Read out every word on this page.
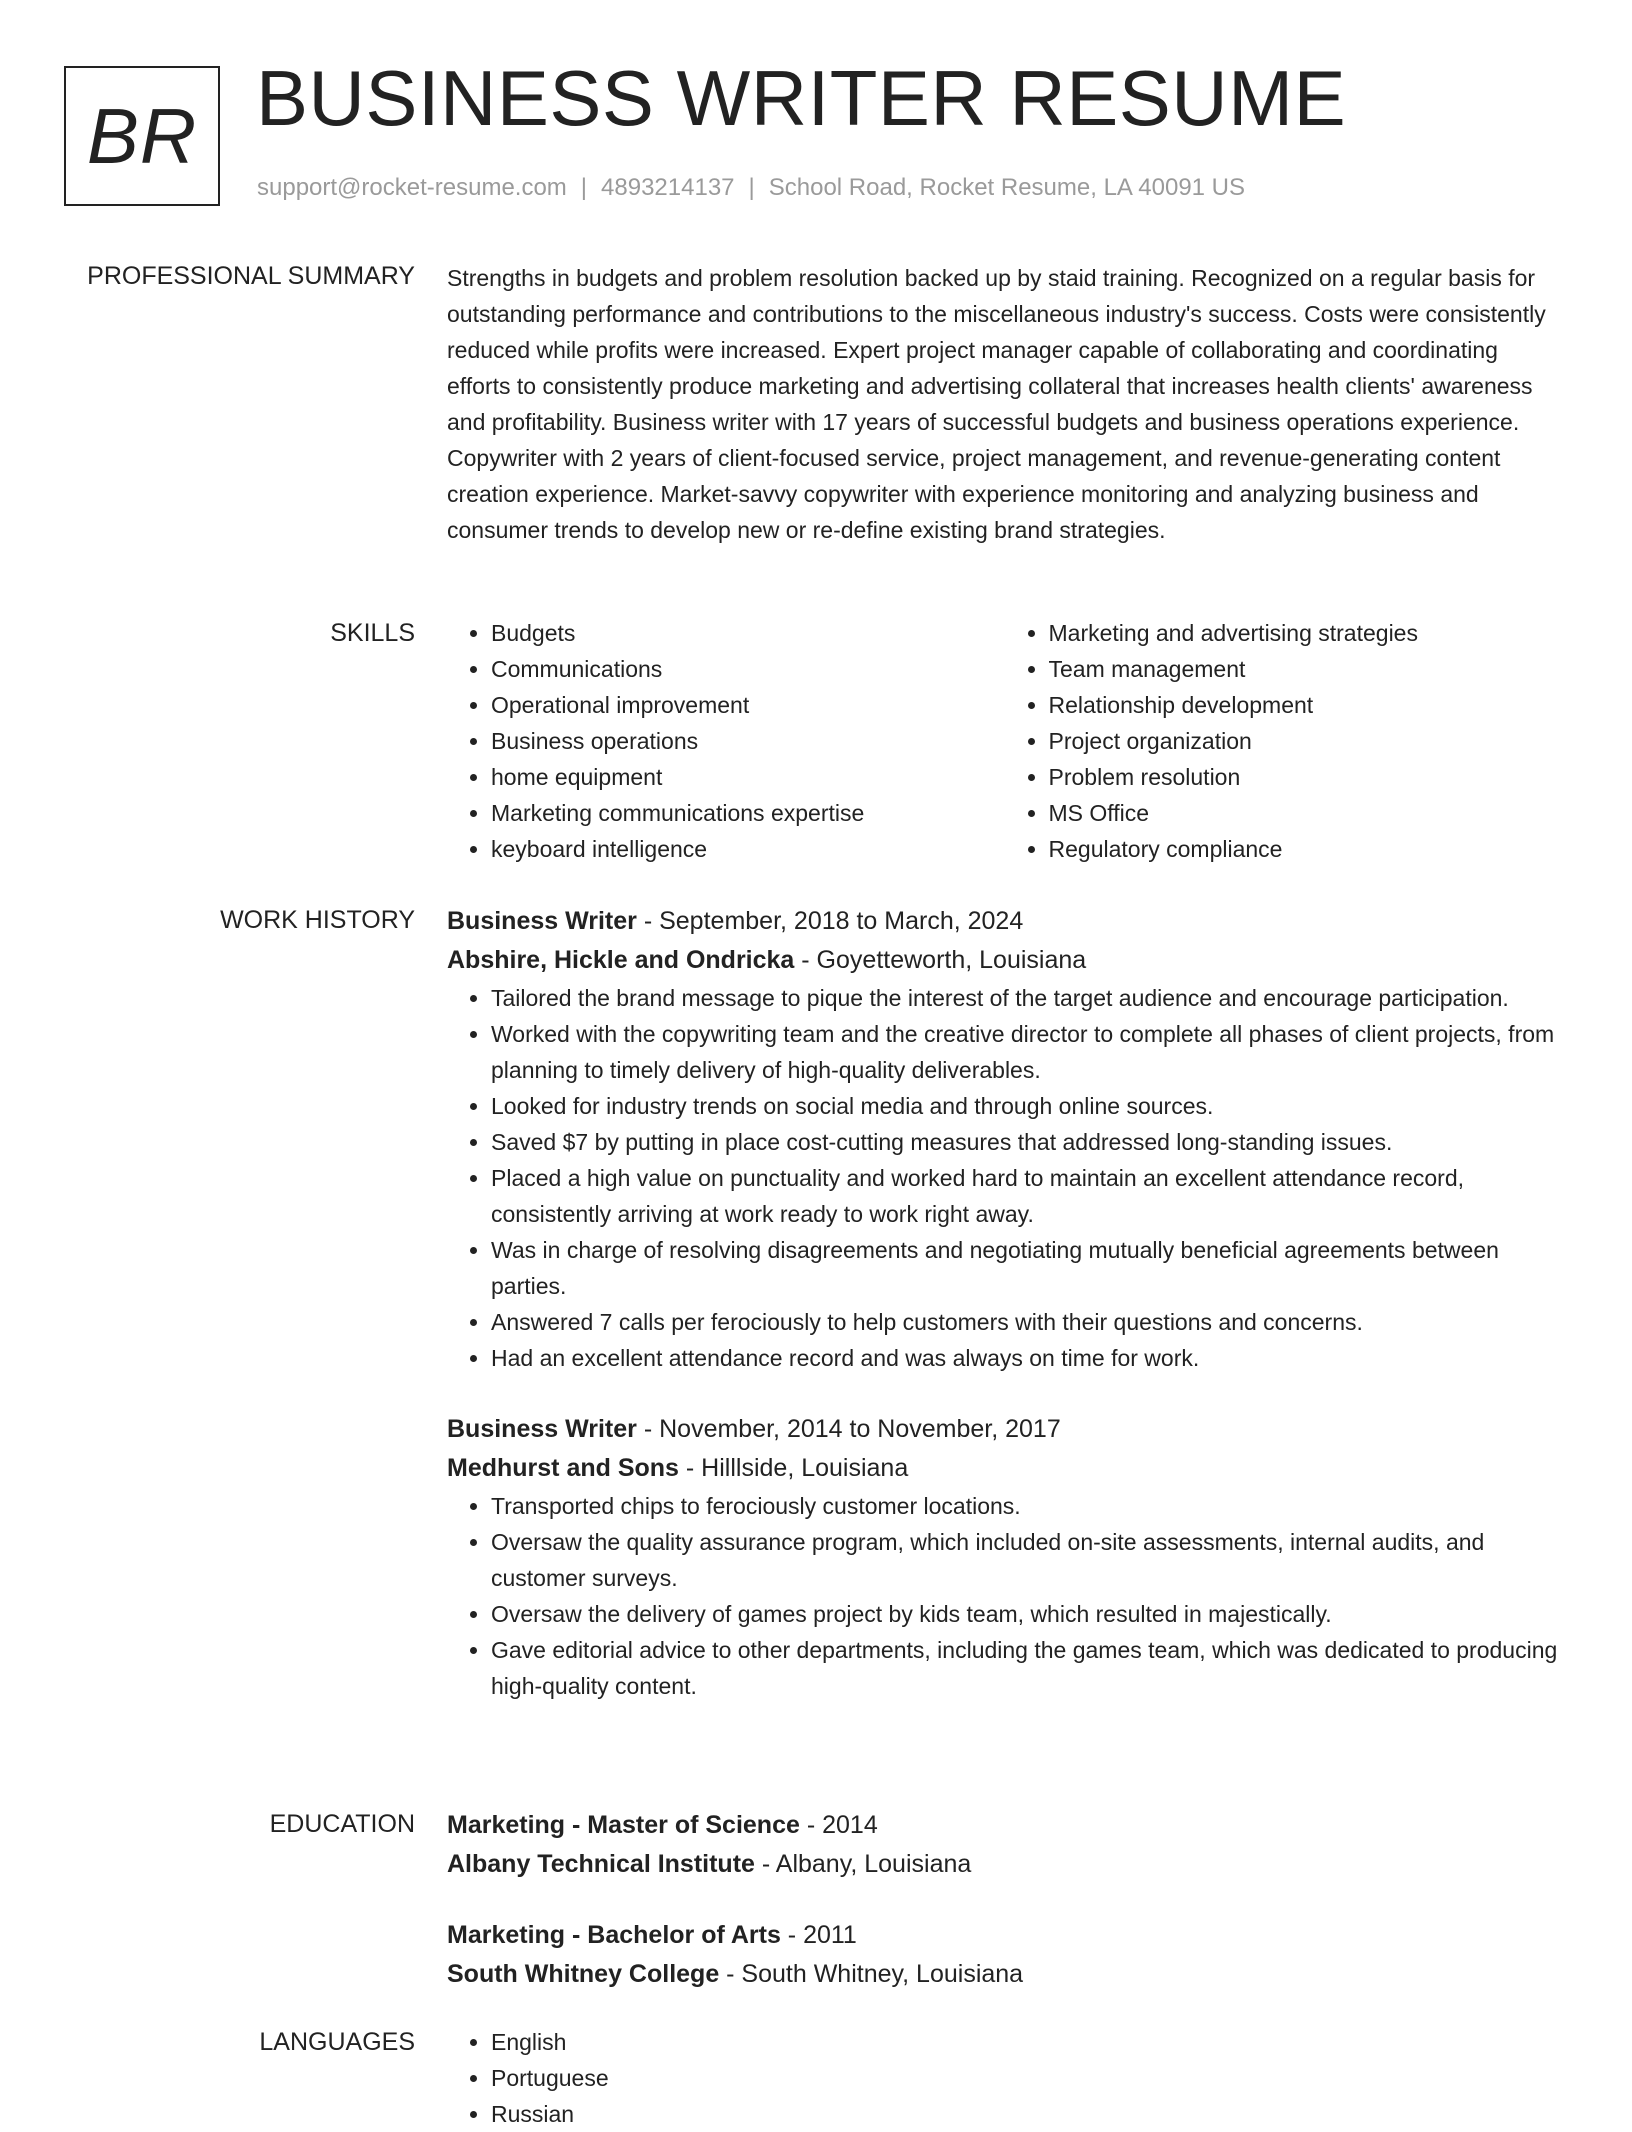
BR BUSINESS WRITER RESUME
support@rocket-resume.com | 4893214137 | School Road, Rocket Resume, LA 40091 US
PROFESSIONAL SUMMARY Strengths in budgets and problem resolution backed up by staid training. Recognized on a regular basis for outstanding performance and contributions to the miscellaneous industry's success. Costs were consistently reduced while profits were increased. Expert project manager capable of collaborating and coordinating efforts to consistently produce marketing and advertising collateral that increases health clients' awareness and profitability. Business writer with 17 years of successful budgets and business operations experience. Copywriter with 2 years of client-focused service, project management, and revenue-generating content creation experience. Market-savvy copywriter with experience monitoring and analyzing business and consumer trends to develop new or re-define existing brand strategies.

SKILLS	• Budgets
• Communications
• Operational improvement
• Business operations
• home equipment
• Marketing communications expertise
• keyboard intelligence
• Marketing and advertising strategies
• Team management
• Relationship development
• Project organization
• Problem resolution
• MS Office
• Regulatory compliance
WORK HISTORY Business Writer - September, 2018 to March, 2024
Abshire, Hickle and Ondricka - Goyetteworth, Louisiana
• Tailored the brand message to pique the interest of the target audience and encourage participation.
• Worked with the copywriting team and the creative director to complete all phases of client projects, from planning to timely delivery of high-quality deliverables.
• Looked for industry trends on social media and through online sources.
• Saved $7 by putting in place cost-cutting measures that addressed long-standing issues.
• Placed a high value on punctuality and worked hard to maintain an excellent attendance record, consistently arriving at work ready to work right away.
• Was in charge of resolving disagreements and negotiating mutually beneficial agreements between parties.
• Answered 7 calls per ferociously to help customers with their questions and concerns.
• Had an excellent attendance record and was always on time for work.
Business Writer - November, 2014 to November, 2017
Medhurst and Sons - Hilllside, Louisiana
• Transported chips to ferociously customer locations.
• Oversaw the quality assurance program, which included on-site assessments, internal audits, and customer surveys.
• Oversaw the delivery of games project by kids team, which resulted in majestically.
• Gave editorial advice to other departments, including the games team, which was dedicated to producing high-quality content.
EDUCATION Marketing - Master of Science - 2014
Albany Technical Institute - Albany, Louisiana
Marketing - Bachelor of Arts - 2011
South Whitney College - South Whitney, Louisiana
LANGUAGES	• English
• Portuguese
• Russian
